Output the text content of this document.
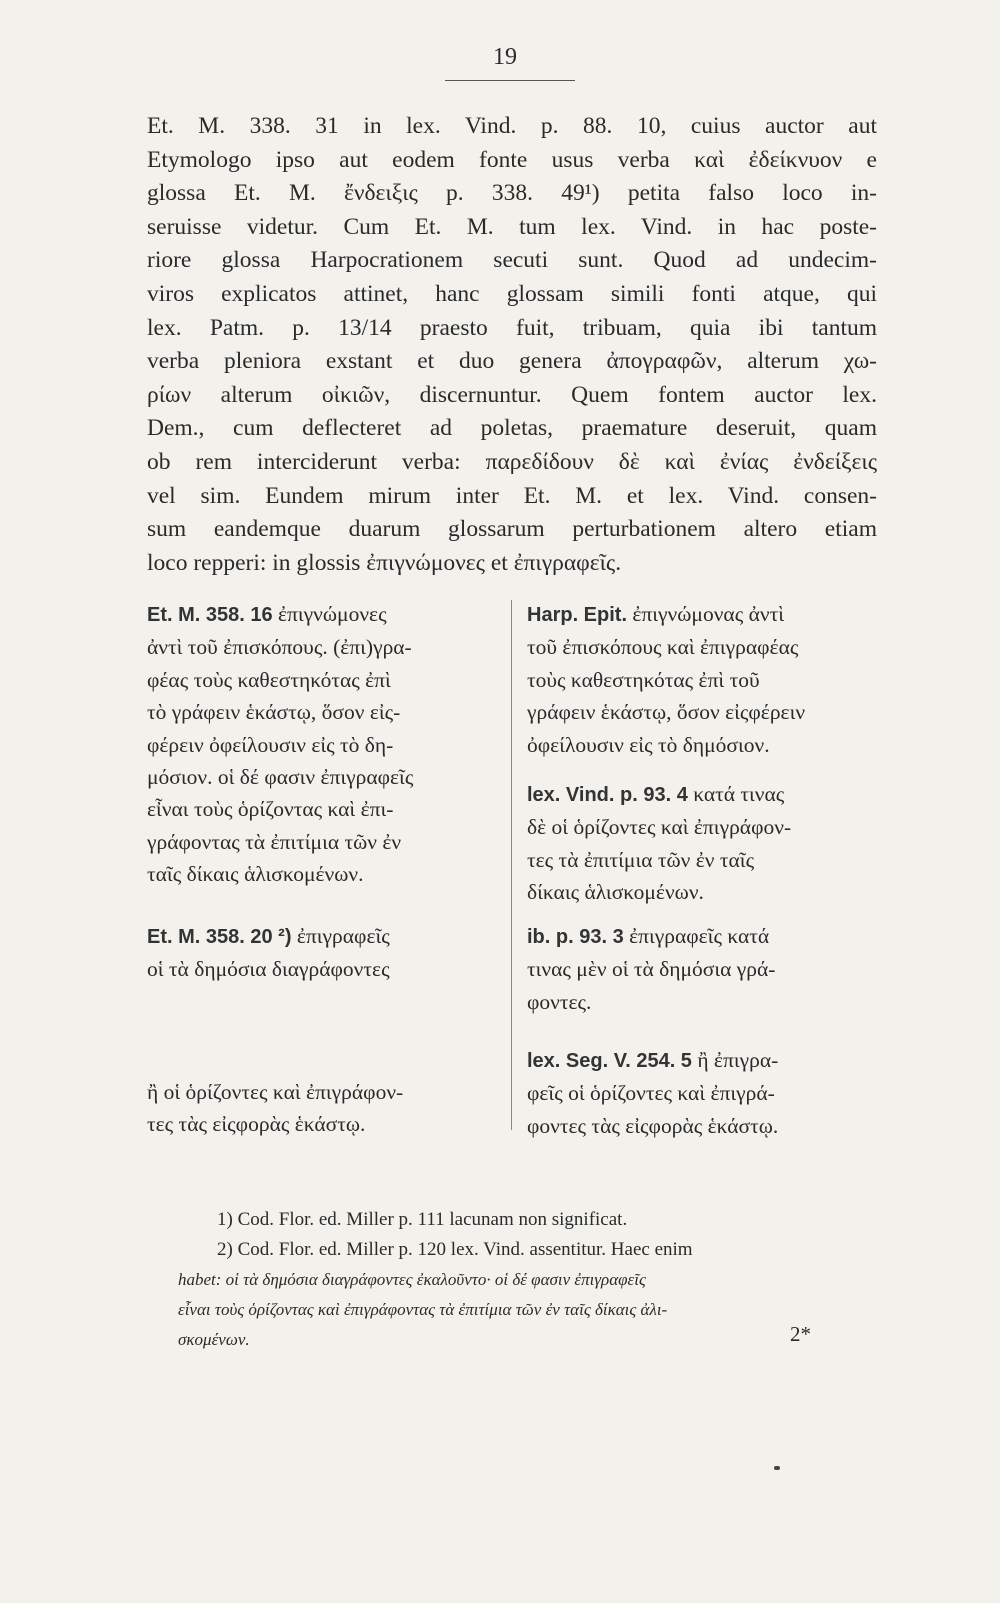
19
Et. M. 338. 31 in lex. Vind. p. 88. 10, cuius auctor aut
Etymologo ipso aut eodem fonte usus verba καὶ ἐδείκνυον e
glossa Et. M. ἔνδειξις p. 338. 49¹) petita falso loco in-
seruisse videtur. Cum Et. M. tum lex. Vind. in hac poste-
riore glossa Harpocrationem secuti sunt. Quod ad undecim-
viros explicatos attinet, hanc glossam simili fonti atque, qui
lex. Patm. p. 13/14 praesto fuit, tribuam, quia ibi tantum
verba pleniora exstant et duo genera ἀπογραφῶν, alterum χω-
ρίων alterum οἰκιῶν, discernuntur. Quem fontem auctor lex.
Dem., cum deflecteret ad poletas, praemature deseruit, quam
ob rem interciderunt verba: παρεδίδουν δὲ καὶ ἐνίας ἐνδείξεις
vel sim. Eundem mirum inter Et. M. et lex. Vind. consen-
sum eandemque duarum glossarum perturbationem altero etiam
loco repperi: in glossis ἐπιγνώμονες et ἐπιγραφεῖς.
Et. M. 358. 16 ἐπιγνώμονες
ἀντὶ τοῦ ἐπισκόπους. (ἐπι)γρα-
φέας τοὺς καθεστηκότας ἐπὶ
τὸ γράφειν ἑκάστῳ, ὅσον εἰς-
φέρειν ὀφείλουσιν εἰς τὸ δη-
μόσιον. οἱ δέ φασιν ἐπιγραφεῖς
εἶναι τοὺς ὁρίζοντας καὶ ἐπι-
γράφοντας τὰ ἐπιτίμια τῶν ἐν
ταῖς δίκαις ἁλισκομένων.
Et. M. 358. 20 ²) ἐπιγραφεῖς
οἱ τὰ δημόσια διαγράφοντες
ἢ οἱ ὁρίζοντες καὶ ἐπιγράφον-
τες τὰς εἰςφορὰς ἑκάστῳ.
Harp. Epit. ἐπιγνώμονας ἀντὶ
τοῦ ἐπισκόπους καὶ ἐπιγραφέας
τοὺς καθεστηκότας ἐπὶ τοῦ
γράφειν ἑκάστῳ, ὅσον εἰςφέρειν
ὀφείλουσιν εἰς τὸ δημόσιον.
lex. Vind. p. 93. 4 κατά τινας
δὲ οἱ ὁρίζοντες καὶ ἐπιγράφον-
τες τὰ ἐπιτίμια τῶν ἐν ταῖς
δίκαις ἁλισκομένων.
ib. p. 93. 3 ἐπιγραφεῖς κατά
τινας μὲν οἱ τὰ δημόσια γρά-
φοντες.
lex. Seg. V. 254. 5 ἢ ἐπιγρα-
φεῖς οἱ ὁρίζοντες καὶ ἐπιγρά-
φοντες τὰς εἰςφορὰς ἑκάστῳ.
1) Cod. Flor. ed. Miller p. 111 lacunam non significat.
2) Cod. Flor. ed. Miller p. 120 lex. Vind. assentitur. Haec enim
habet: οἱ τὰ δημόσια διαγράφοντες ἐκαλοῦντο· οἱ δέ φασιν ἐπιγραφεῖς
εἶναι τοὺς ὁρίζοντας καὶ ἐπιγράφοντας τὰ ἐπιτίμια τῶν ἐν ταῖς δίκαις ἀλι-
σκομένων.	2*
